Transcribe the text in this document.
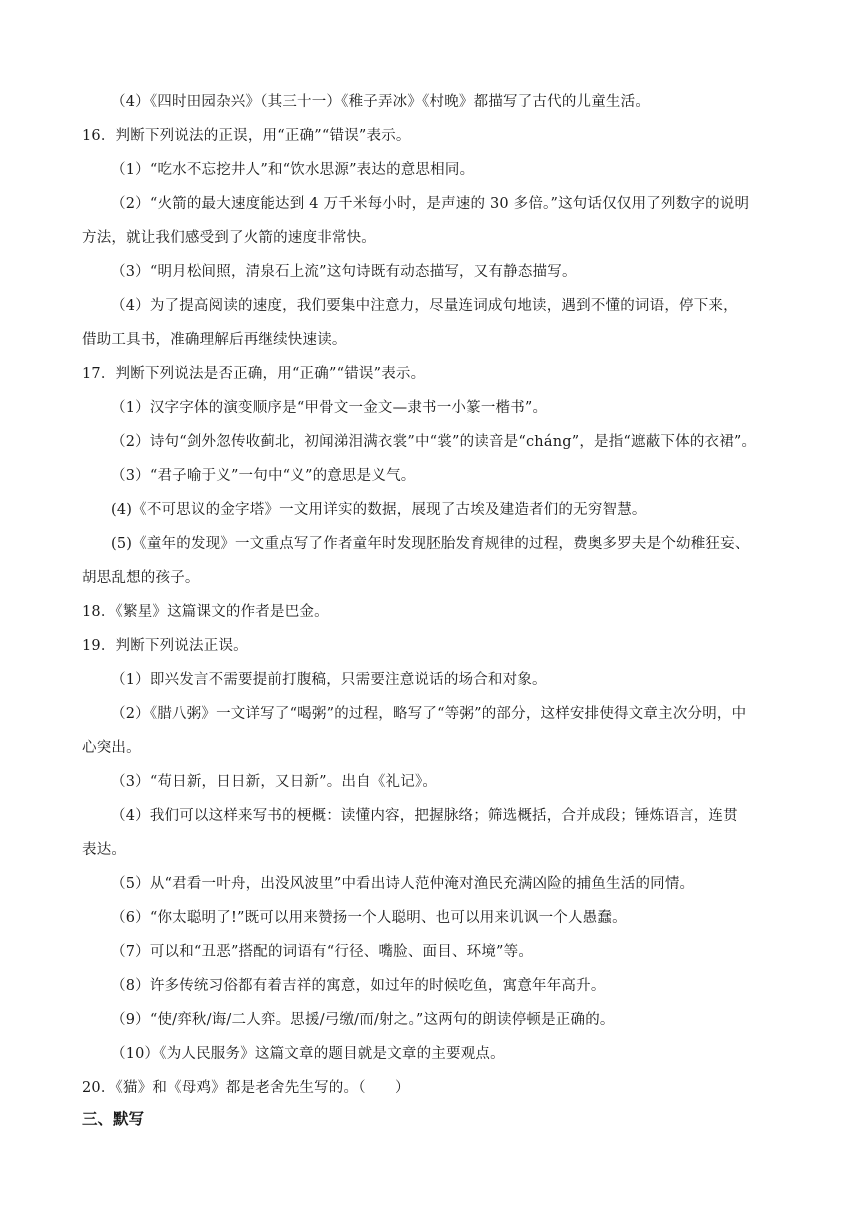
（4）《四时田园杂兴》（其三十一）《稚子弄冰》《村晚》都描写了古代的儿童生活。
16．判断下列说法的正误，用“正确”“错误”表示。
（1）“吃水不忘挖井人”和“饮水思源”表达的意思相同。
（2）“火箭的最大速度能达到 4 万千米每小时，是声速的 30 多倍。”这句话仅仅用了列数字的说明
方法，就让我们感受到了火箭的速度非常快。
（3）“明月松间照，清泉石上流”这句诗既有动态描写，又有静态描写。
（4）为了提高阅读的速度，我们要集中注意力，尽量连词成句地读，遇到不懂的词语，停下来，
借助工具书，准确理解后再继续快速读。
17．判断下列说法是否正确，用“正确”“错误”表示。
（1）汉字字体的演变顺序是“甲骨文一金文—隶书一小篆一楷书”。
（2）诗句“剑外忽传收蓟北，初闻涕泪满衣裳”中“裳”的读音是“cháng”，是指“遮蔽下体的衣裙”。
（3）“君子喻于义”一句中“义”的意思是义气。
(4)《不可思议的金字塔》一文用详实的数据，展现了古埃及建造者们的无穷智慧。
(5)《童年的发现》一文重点写了作者童年时发现胚胎发育规律的过程，费奥多罗夫是个幼稚狂妄、
胡思乱想的孩子。
18．《繁星》这篇课文的作者是巴金。
19．判断下列说法正误。
（1）即兴发言不需要提前打腹稿，只需要注意说话的场合和对象。
（2）《腊八粥》一文详写了“喝粥”的过程，略写了“等粥”的部分，这样安排使得文章主次分明，中
心突出。
（3）“苟日新，日日新，又日新”。出自《礼记》。
（4）我们可以这样来写书的梗概：读懂内容，把握脉络；筛选概括，合并成段；锤炼语言，连贯
表达。
（5）从“君看一叶舟，出没风波里”中看出诗人范仲淹对渔民充满凶险的捕鱼生活的同情。
（6）“你太聪明了!”既可以用来赞扬一个人聪明、也可以用来讥讽一个人愚蠢。
（7）可以和“丑恶”搭配的词语有“行径、嘴脸、面目、环境”等。
（8）许多传统习俗都有着吉祥的寓意，如过年的时候吃鱼，寓意年年高升。
（9）“使/弈秋/诲/二人弈。思援/弓缴/而/射之。”这两句的朗读停顿是正确的。
（10）《为人民服务》这篇文章的题目就是文章的主要观点。
20．《猫》和《母鸡》都是老舍先生写的。（　　）
三、默写
